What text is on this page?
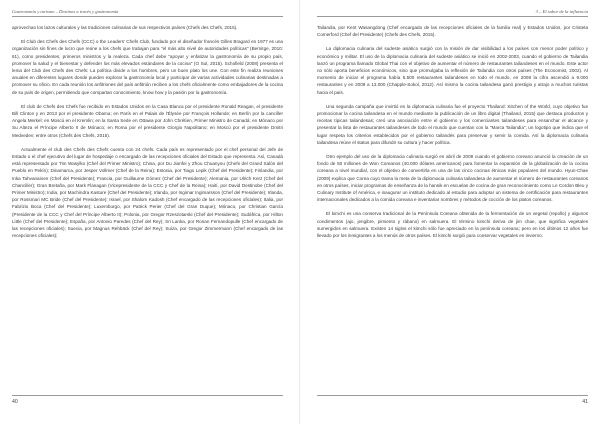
Gastronomía y turismo – Destinos a través y gastronomía

aprovechan los lazos culturales y las tradiciones culinarias de sus respectivos países (Chefs des Chefs, 2015).

El Club des Chefs des Chefs (CCC) o the Leaders' Chefs Club, fundado por el diseñador francés Gilles Bragard en 1977 es una organización sin fines de lucro que reúne a los chefs que trabajan para "el más alto nivel de autoridades políticas" (Bernitge, 2010: 61), como presidentes, primeros ministros y la realeza. Cada chef debe "apoyar y enfatizar la gastronomía de su propio país, promover la salud y el bienestar y defender los más elevados estándares de la cocina" (O Sul, 2015). Schofield (2008) presenta el lema del Club des Chefs des Chefs: La política divide a los hombres, pero un buen plato los une. Con este fin realiza reuniones anuales en diferentes lugares donde pueden explorar la gastronomía local y participar de varias actividades culinarias destinadas a promover su oficio. En cada reunión los anfitriones del país anfitrión reciben a los chefs oficialmente como embajadores de la cocina de su país de origen, permitiendo que compartan conocimiento, know how y la pasión por la gastronomía.

El club de Chefs des Chefs fue recibido en Estados Unidos en la Casa Blanca por el presidente Ronald Reagan, el presidente Bill Clinton y en 2013 por el presidente Obama; en París en el Palais de l'Élysée por François Hollande; en Berlín por la canciller Angela Merkel; en Moscú en el Kremlin; en la Santa Sede en Ottawa por John Chrétien, Primer Ministro de Canadá; en Mónaco por Su Alteza el Príncipe Alberto II de Mónaco; en Roma por el presidente Giorgio Napolitano; en Moscú por el presidente Dmitri Medvedev; entre otros (Chefs des Chefs, 2015).

Actualmente el club des Chefs des Chefs cuenta con 24 chefs. Cada país es representado por el chef personal del Jefe de Estado o el chef ejecutivo del lugar de hospedaje o encargado de las recepciones oficiales del Estado que representa. Así, Canadá está representado por Tim Wasylko (Chef del Primer Ministro); China, por Du Jianfei y Zhou Chuanyou (Chefs del Grand Salón del Pueblo en Pekín); Dinamarca, por Jesper Vollmer (Chef de la Reina); Estonia, por Tiago Lepik (Chef del Presidente); Finlandia, por Inka Tahvanainen (Chef del Presidente); Francia, por Guillaume Gómez (Chef del Presidente); Alemania, por Ulrich Kerz (Chef del Chanciller); Gran Bretaña, por Mark Flanagan (Vicepresidente de la CCC y Chef de la Reina); Haití, por David Destinobe (Chef del Primer Ministro); India, por Machindra Kasture (Chef del Presidente); Irlanda, por Ingimar Ingimarsson (Chef del Presidente); Irlanda, por Rossmari MC Bride (Chef del Presidente); Israel, por Shalom Kadosh (Chef encargado de las recepciones oficiales); Italia, por Fabrizio Boca (Chef del Presidente); Luxemburgo, por Patrick Perier (Chef del Gran Duque); Mónaco, por Christian García (Presidente de la CCC y Chef del Príncipe Alberto II); Polonia, por Gregor Rzeszotarski (Chef del Presidente); Sudáfrica, por Hilton Little (Chef del Presidente); España, por Antonio Paredes (Chef del Rey); Sri Lanka, por Ronan Fernandopulle (Chef encargado de las recepciones oficiales); Suecia, por Magnus Rehbäck (Chef del Rey); Suiza, por Gregor Zimmermann (Chef encargado de las recepciones oficiales);

40
3 – El sabor de la influencia

Tailandia, por Kent Wasangdong (Chef encargado de las recepciones oficiales de la familia real) y Estados Unidos, por Cristeta Comerford (Chef del Presidente) (Chefs des Chefs, 2015).

La diplomacia culinaria del sudeste asiático surgió con la misión de dar visibilidad a los países con menor poder político y económico y militar. El uso de la diplomacia culinaria del sudeste asiático se inició en 2002-2003, cuando el gobierno de Tailandia lanzó un programa llamado Global Thai con el objetivo de aumentar el número de restaurantes tailandeses en el mundo. Este actor no sólo aporta beneficios económicos, sino que promulgaba la reflexión de Tailandia con otros países (The Economist, 2002). Al momento de iniciar el programa había 5.500 restaurantes tailandeses en todo el mundo, en 2008 la cifra ascendió a 9.000 restaurantes y en 2009 a 13.000 (Chapple-Sokol, 2012). Así mismo la cocina tailandesa ganó prestigio y atrajo a muchos turistas hacia el país.

Una segunda campaña que invirtió en la diplomacia culinaria fue el proyecto Thailand: Kitchen of the World, cuyo objetivo fue promocionar la cocina tailandesa en el mundo mediante la publicación de un libro digital (Thailand, 2015) que destaca productos y recetas típicas tailandesas; creó una asociación entre el gobierno y los comerciantes tailandeses para ensanchar el alcance y presentar la lista de restaurantes tailandeses de todo el mundo que cuentan con la "Marca Tailandia", un logotipo que indica que el lugar respeta los criterios establecidos por el gobierno tailandés para preservar y servir la comida. Así la diplomacia culinaria tailandesa reúne el status para difundir su cultura y hacer política.

Otro ejemplo del uso de la diplomacia culinaria surgió en abril de 2009 cuando el gobierno coreano anunció la creación de un fondo de 50 millones de Won Coreanos (40.000 dólares americanos) para fomentar la expansión de la globalización de la cocina coreana a nivel mundial, con el objetivo de convertirla en una de las cinco cocinas étnicas más populares del mundo. Hyun-Chae (2009) explica que Corea cuyo trama la meta de la diplomacia culinaria tailandesa de aumentar el número de restaurantes coreanos en otros países, iniciar programas de enseñanza de la hansik en escuelas de cocina de gran reconocimiento como Le Cordon Bleu y Culinary Institute of América, e inaugurar un instituto dedicado al estudio para adoptar un sistema de certificación para restaurantes internacionales dedicados a la comida coreana e inventariar nombres y métodos de cocción de los platos coreanos.

El kimchi es una conserva tradicional de la Península Coreana obtenida de la fermentación de un vegetal (repollo) y algunos condimentos (ajo, jengibre, pimiento y rábano) en salmuera. El término kimchi deriva de jim chae, que significa vegetales sumergidos en salmuera. Existen 14 siglos el kimchi sólo fue apreciado en la península coreana; pero en los últimos 12 años fue llevado por los inmigrantes a los menús de otros países. El kimchi surgió para conservar vegetales en invierno.

41
